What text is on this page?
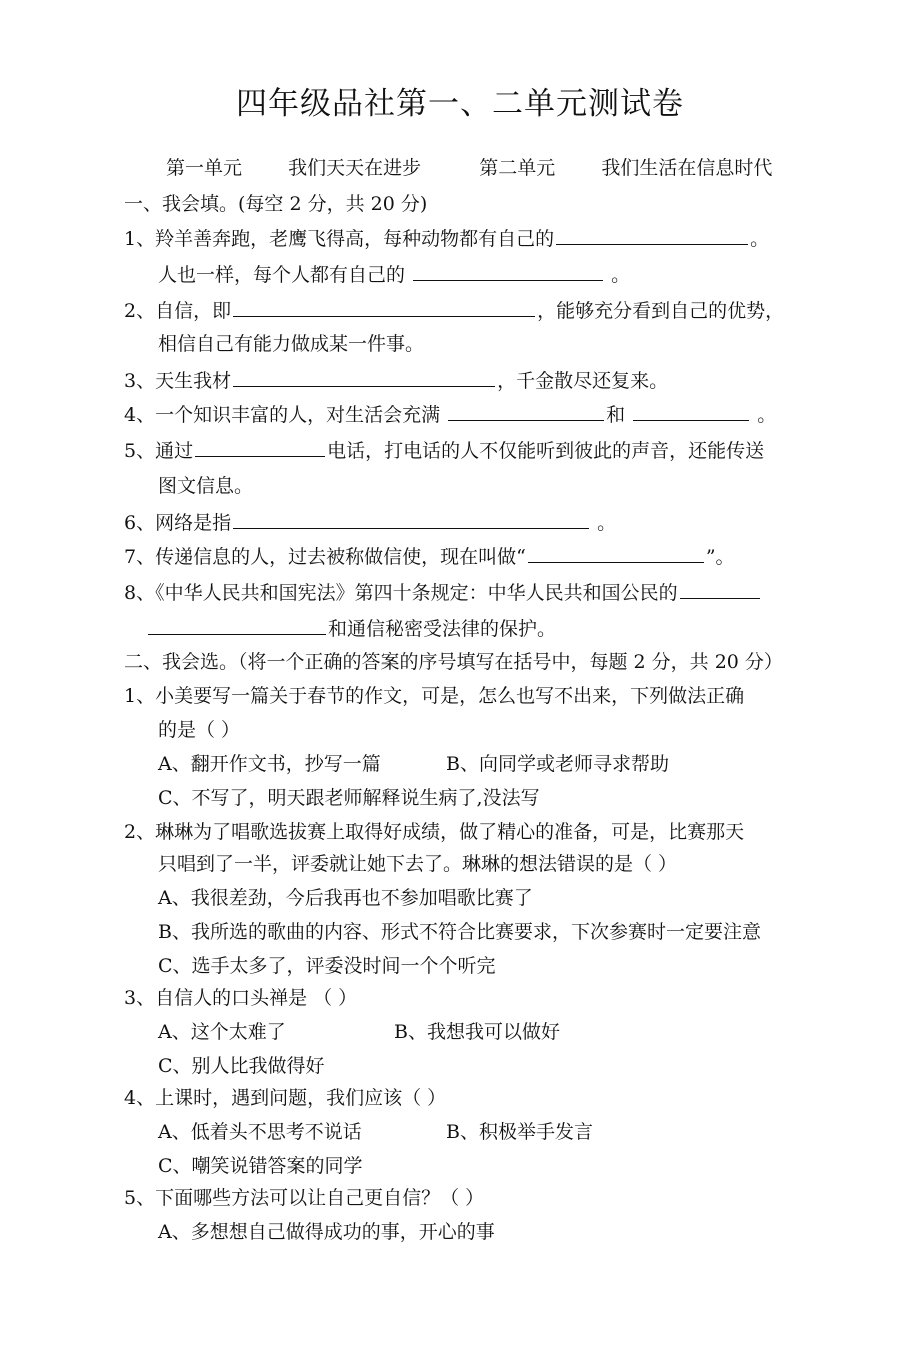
四年级品社第一、二单元测试卷
第一单元 我们天天在进步	第二单元 我们生活在信息时代
一、我会填。(每空 2 分，共 20 分)
1、羚羊善奔跑，老鹰飞得高，每种动物都有自己的	。
人也一样，每个人都有自己的	。
2、自信，即	，能够充分看到自己的优势，
相信自己有能力做成某一件事。
3、天生我材	，千金散尽还复来。
4、一个知识丰富的人，对生活会充满	和	。
5、通过	电话，打电话的人不仅能听到彼此的声音，还能传送
图文信息。
6、网络是指	。
7、传递信息的人，过去被称做信使，现在叫做“	”。
8、《中华人民共和国宪法》第四十条规定：中华人民共和国公民的
和通信秘密受法律的保护。
二、我会选。（将一个正确的答案的序号填写在括号中，每题 2 分，共 20 分）
1、小美要写一篇关于春节的作文，可是，怎么也写不出来，下列做法正确
的是（ ）
A、翻开作文书，抄写一篇	B、向同学或老师寻求帮助
C、不写了，明天跟老师解释说生病了,没法写
2、琳琳为了唱歌选拔赛上取得好成绩，做了精心的准备，可是，比赛那天
只唱到了一半，评委就让她下去了。琳琳的想法错误的是（ ）
A、我很差劲，今后我再也不参加唱歌比赛了
B、我所选的歌曲的内容、形式不符合比赛要求，下次参赛时一定要注意
C、选手太多了，评委没时间一个个听完
3、自信人的口头禅是 （ ）
A、这个太难了	B、我想我可以做好
C、别人比我做得好
4、上课时，遇到问题，我们应该（ ）
A、低着头不思考不说话	B、积极举手发言
C、嘲笑说错答案的同学
5、下面哪些方法可以让自己更自信？（ ）
A、多想想自己做得成功的事，开心的事
